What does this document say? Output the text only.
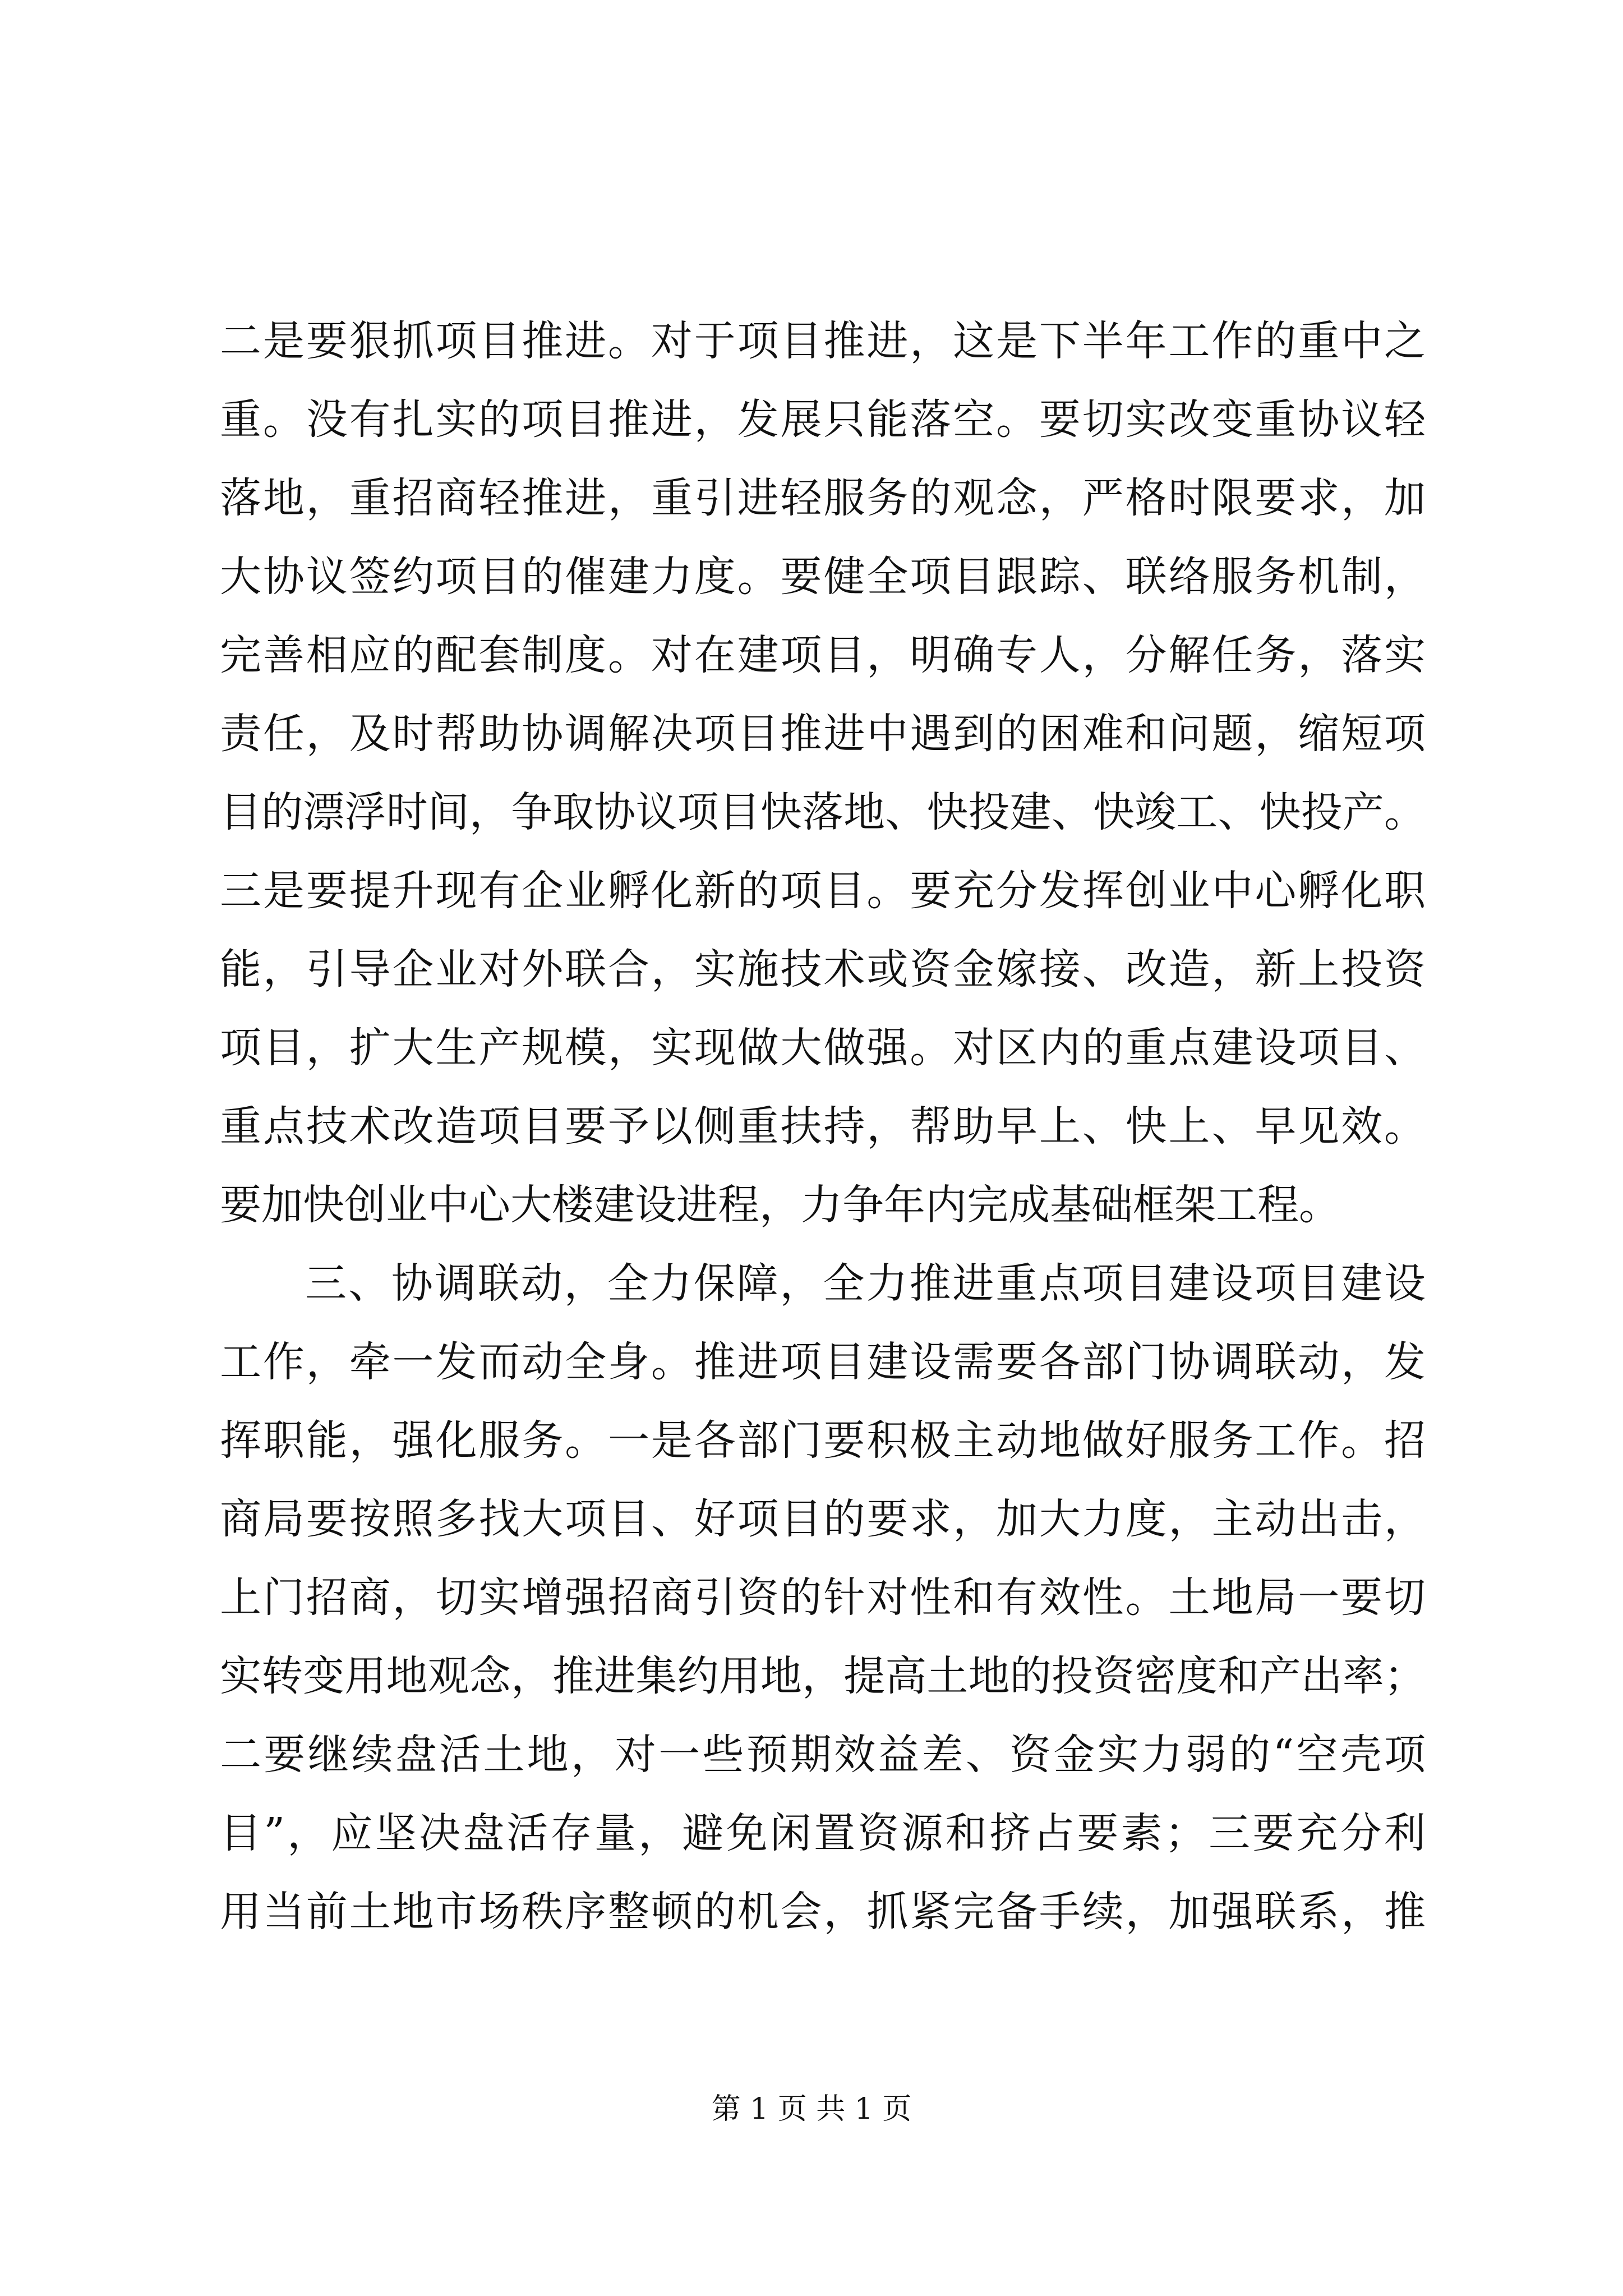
二是要狠抓项目推进。对于项目推进，这是下半年工作的重中之
重。没有扎实的项目推进，发展只能落空。要切实改变重协议轻
落地，重招商轻推进，重引进轻服务的观念，严格时限要求，加
大协议签约项目的催建力度。要健全项目跟踪、联络服务机制，
完善相应的配套制度。对在建项目，明确专人，分解任务，落实
责任，及时帮助协调解决项目推进中遇到的困难和问题，缩短项
目的漂浮时间，争取协议项目快落地、快投建、快竣工、快投产。
三是要提升现有企业孵化新的项目。要充分发挥创业中心孵化职
能，引导企业对外联合，实施技术或资金嫁接、改造，新上投资
项目，扩大生产规模，实现做大做强。对区内的重点建设项目、
重点技术改造项目要予以侧重扶持，帮助早上、快上、早见效。
要加快创业中心大楼建设进程，力争年内完成基础框架工程。
三、协调联动，全力保障，全力推进重点项目建设项目建设
工作，牵一发而动全身。推进项目建设需要各部门协调联动，发
挥职能，强化服务。一是各部门要积极主动地做好服务工作。招
商局要按照多找大项目、好项目的要求，加大力度，主动出击，
上门招商，切实增强招商引资的针对性和有效性。土地局一要切
实转变用地观念，推进集约用地，提高土地的投资密度和产出率；
二要继续盘活土地，对一些预期效益差、资金实力弱的“空壳项
目”，应坚决盘活存量，避免闲置资源和挤占要素；三要充分利
用当前土地市场秩序整顿的机会，抓紧完备手续，加强联系，推
第 1 页 共 1 页
